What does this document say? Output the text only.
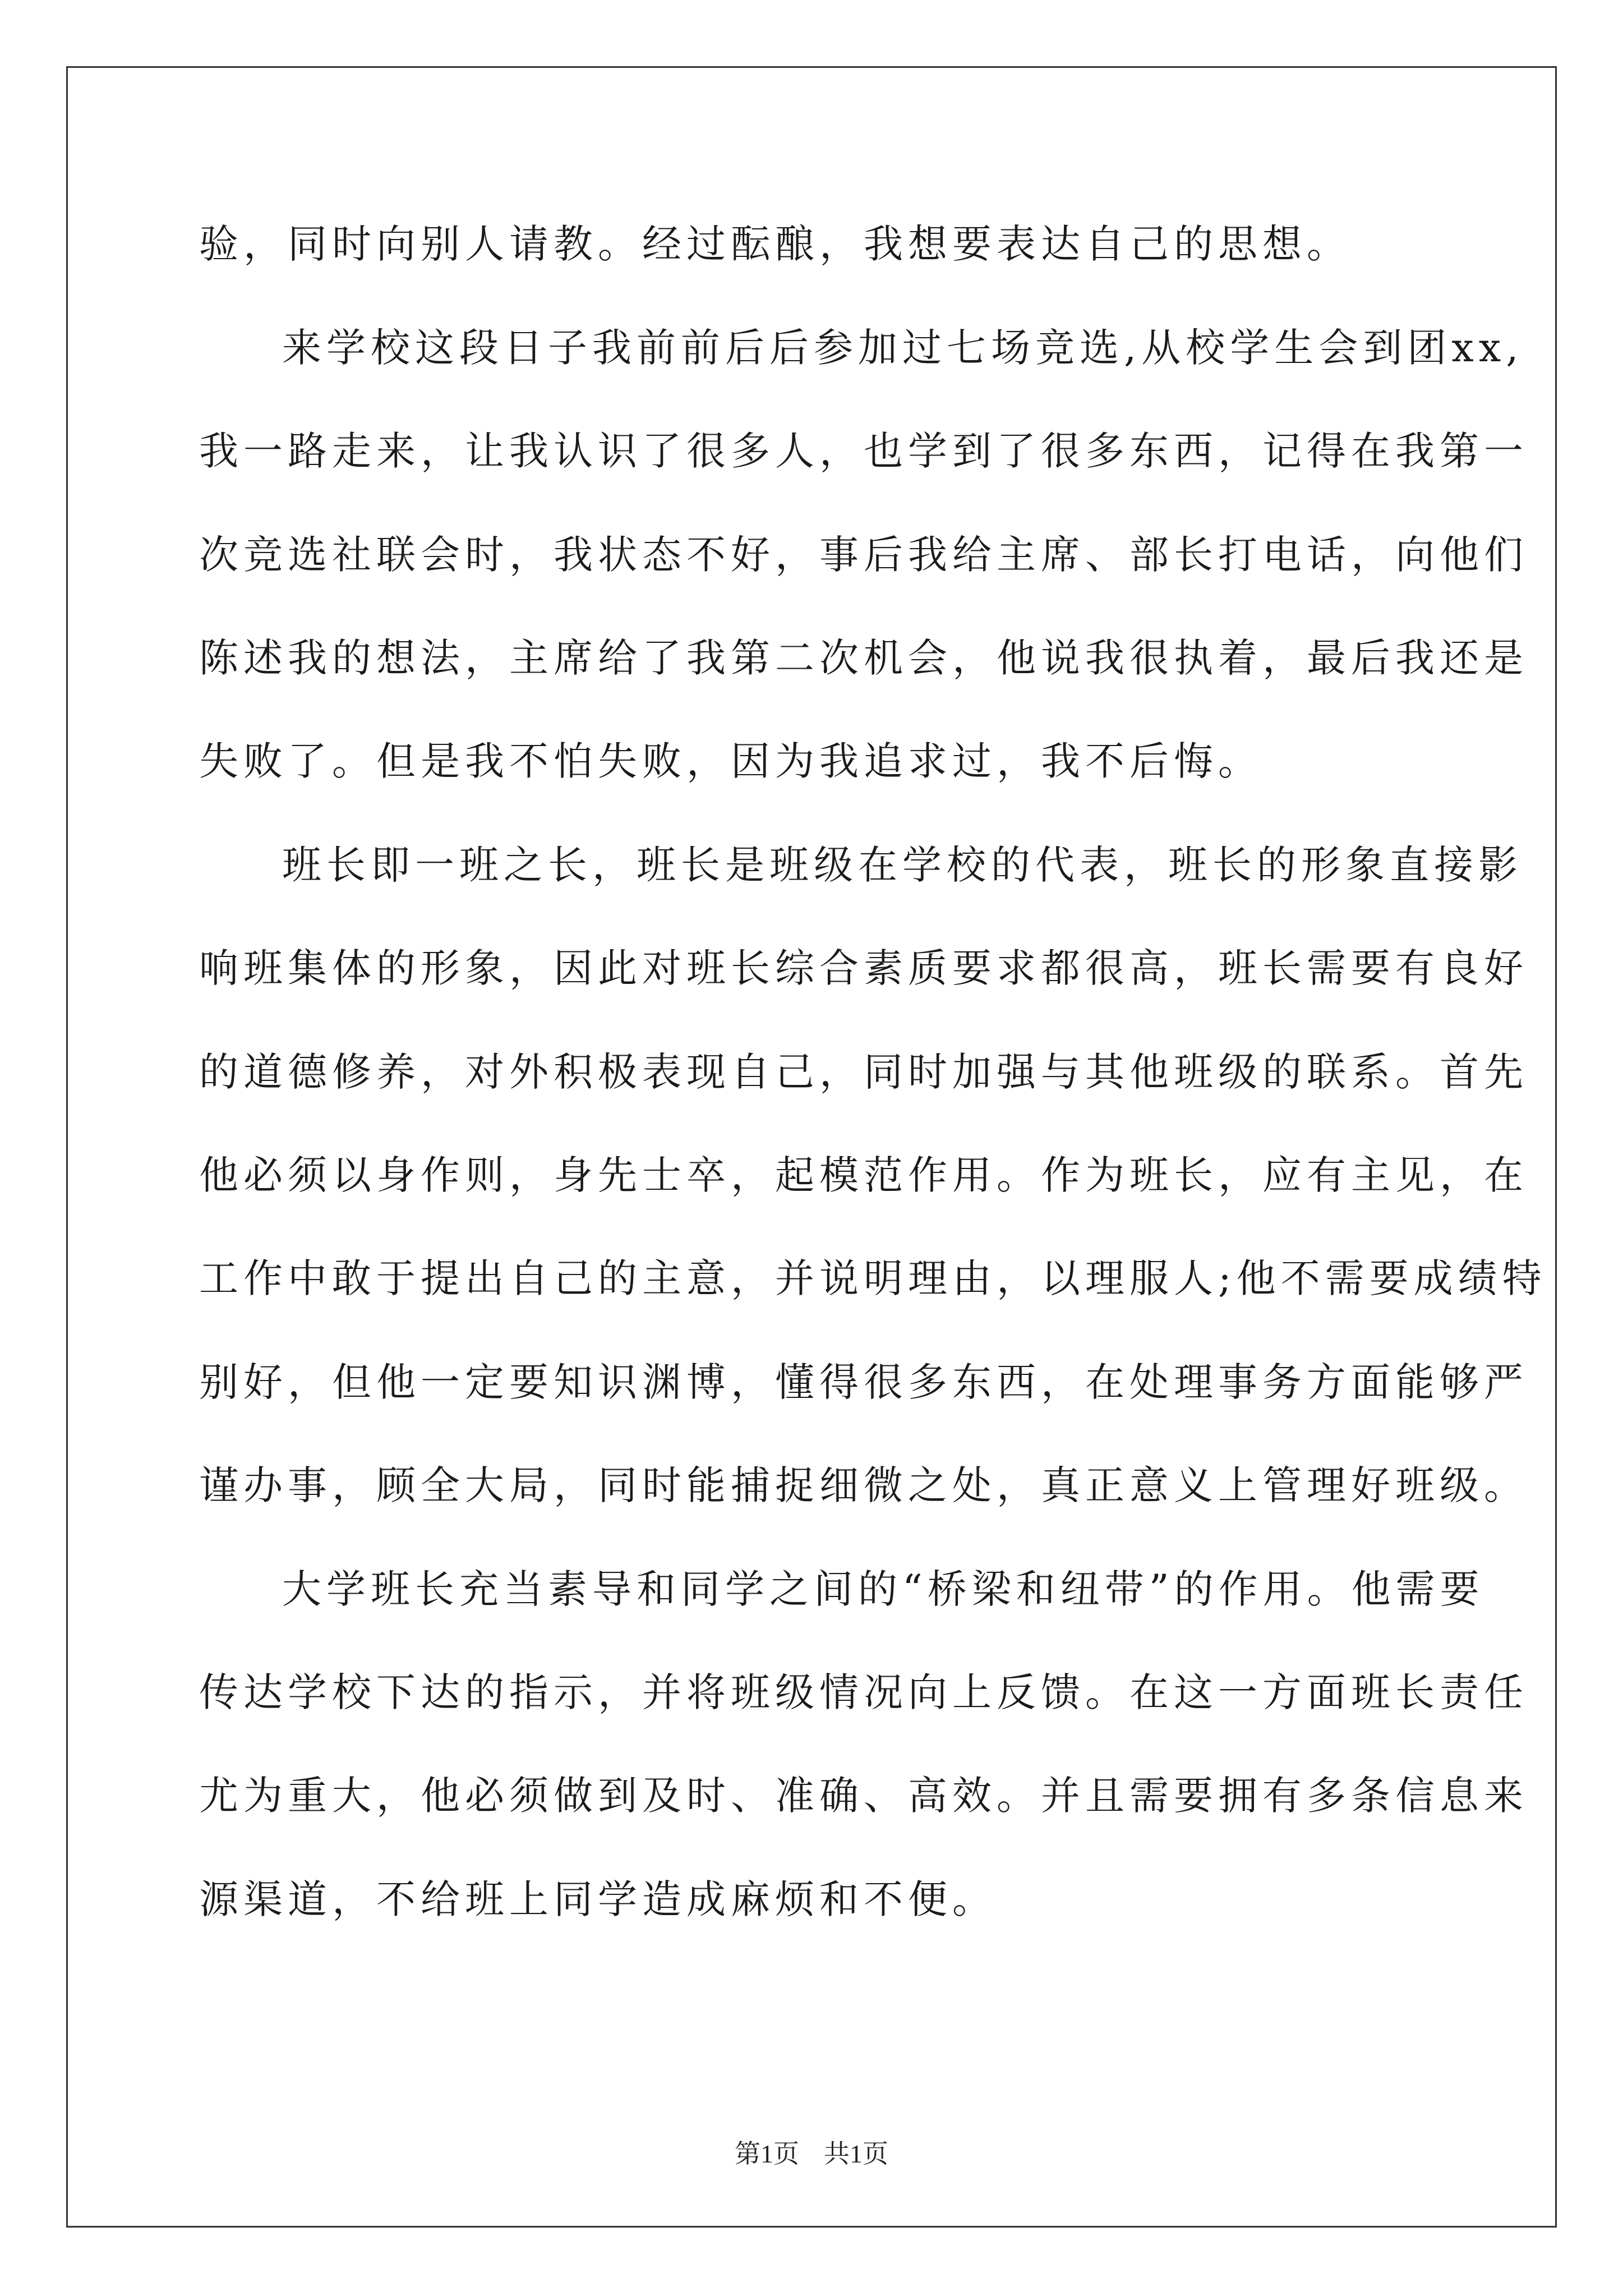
验，同时向别人请教。经过酝酿，我想要表达自己的思想。
来学校这段日子我前前后后参加过七场竞选,从校学生会到团xx,
我一路走来，让我认识了很多人，也学到了很多东西，记得在我第一
次竞选社联会时，我状态不好，事后我给主席、部长打电话，向他们
陈述我的想法，主席给了我第二次机会，他说我很执着，最后我还是
失败了。但是我不怕失败，因为我追求过，我不后悔。
班长即一班之长，班长是班级在学校的代表，班长的形象直接影
响班集体的形象，因此对班长综合素质要求都很高，班长需要有良好
的道德修养，对外积极表现自己，同时加强与其他班级的联系。首先
他必须以身作则，身先士卒，起模范作用。作为班长，应有主见，在
工作中敢于提出自己的主意，并说明理由，以理服人;他不需要成绩特
别好，但他一定要知识渊博，懂得很多东西，在处理事务方面能够严
谨办事，顾全大局，同时能捕捉细微之处，真正意义上管理好班级。
大学班长充当素导和同学之间的“桥梁和纽带”的作用。他需要
传达学校下达的指示，并将班级情况向上反馈。在这一方面班长责任
尤为重大，他必须做到及时、准确、高效。并且需要拥有多条信息来
源渠道，不给班上同学造成麻烦和不便。
第1页 共1页
